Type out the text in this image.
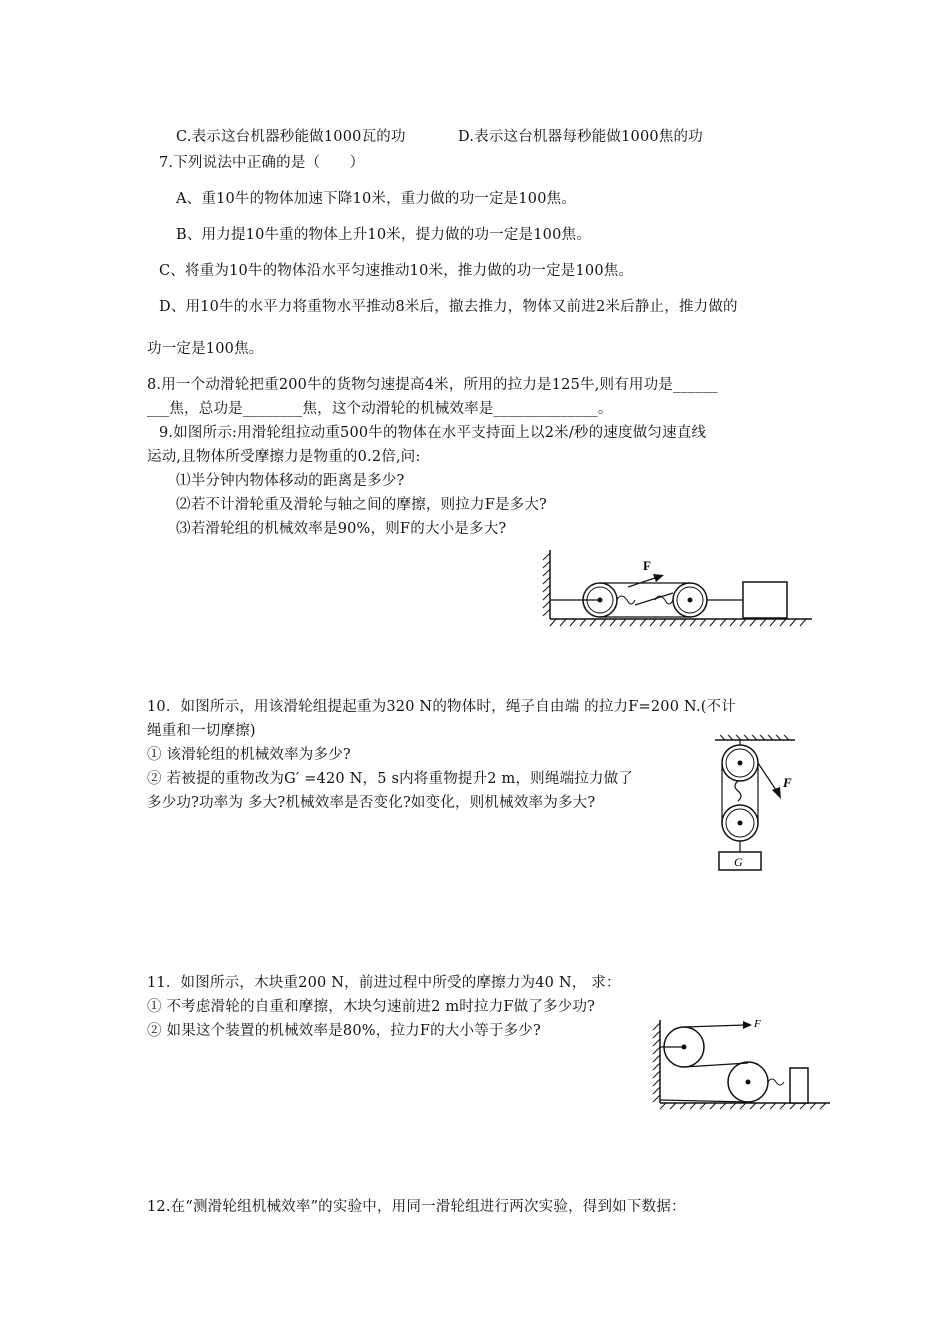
C.表示这台机器秒能做1000瓦的功	D.表示这台机器每秒能做1000焦的功
7.下列说法中正确的是（　　）
A、重10牛的物体加速下降10米，重力做的功一定是100焦。
B、用力提10牛重的物体上升10米，提力做的功一定是100焦。
C、将重为10牛的物体沿水平匀速推动10米，推力做的功一定是100焦。
D、用10牛的水平力将重物水平推动8米后，撤去推力，物体又前进2米后静止，推力做的
功一定是100焦。
8.用一个动滑轮把重200牛的货物匀速提高4米，所用的拉力是125牛,则有用功是______
___焦，总功是________焦，这个动滑轮的机械效率是______________。
9.如图所示:用滑轮组拉动重500牛的物体在水平支持面上以2米/秒的速度做匀速直线
运动,且物体所受摩擦力是物重的0.2倍,问:
⑴半分钟内物体移动的距离是多少?
⑵若不计滑轮重及滑轮与轴之间的摩擦，则拉力F是多大?
⑶若滑轮组的机械效率是90%，则F的大小是多大?
F
10．如图所示，用该滑轮组提起重为320 N的物体时，绳子自由端 的拉力F=200 N.(不计
绳重和一切摩擦)
① 该滑轮组的机械效率为多少?
② 若被提的重物改为G′ =420 N，5 s内将重物提升2 m，则绳端拉力做了
多少功?功率为 多大?机械效率是否变化?如变化，则机械效率为多大?
F
G
11．如图所示，木块重200 N，前进过程中所受的摩擦力为40 N， 求：
① 不考虑滑轮的自重和摩擦，木块匀速前进2 m时拉力F做了多少功?
② 如果这个装置的机械效率是80%，拉力F的大小等于多少?	F
12.在“测滑轮组机械效率”的实验中，用同一滑轮组进行两次实验，得到如下数据：
